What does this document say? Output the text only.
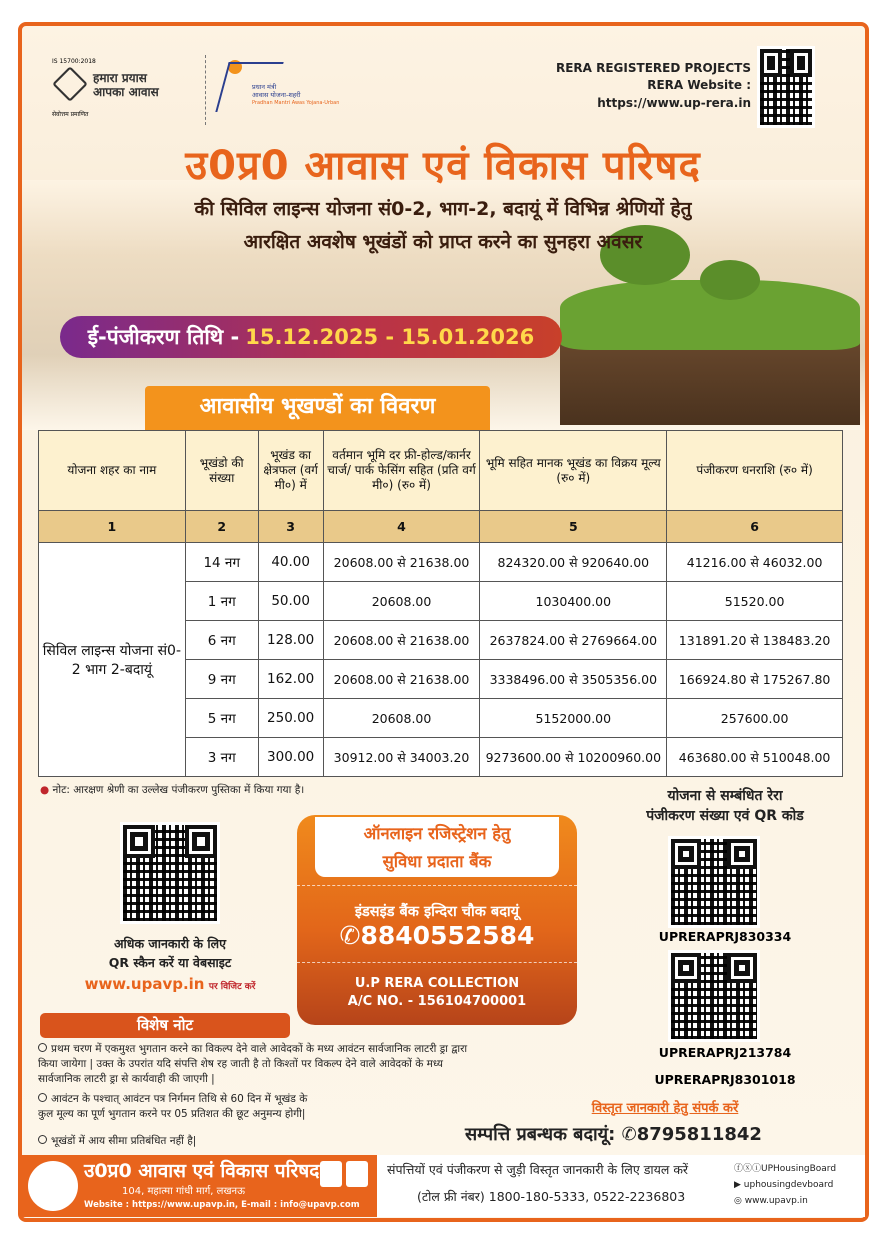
IS 15700:2018
हमारा प्रयास
आपका आवास
सेवोत्तम प्रमाणित
प्रधान मंत्री
आवास योजना-शहरी
Pradhan Mantri Awas Yojana-Urban
RERA REGISTERED PROJECTS
RERA Website :
https://www.up-rera.in
उ0प्र0 आवास एवं विकास परिषद
की सिविल लाइन्स योजना सं0-2, भाग-2, बदायूं में विभिन्न श्रेणियों हेतु
आरक्षित अवशेष भूखंडों को प्राप्त करने का सुनहरा अवसर
ई-पंजीकरण तिथि - 15.12.2025 - 15.01.2026
आवासीय भूखण्डों का विवरण
योजना शहर का नाम	भूखंडो की संख्या	भूखंड का क्षेत्रफल (वर्ग मी०) में	वर्तमान भूमि दर फ्री-होल्ड/कार्नर चार्ज/ पार्क फेसिंग सहित (प्रति वर्ग मी०) (रु० में)	भूमि सहित मानक भूखंड का विक्रय मूल्य (रु० में)	पंजीकरण धनराशि (रु० में)
1	2	3	4	5	6
सिविल लाइन्स योजना सं0-2 भाग 2-बदायूं	14 नग	40.00	20608.00 से 21638.00	824320.00 से 920640.00	41216.00 से 46032.00
	1 नग	50.00	20608.00	1030400.00	51520.00
	6 नग	128.00	20608.00 से 21638.00	2637824.00 से 2769664.00	131891.20 से 138483.20
	9 नग	162.00	20608.00 से 21638.00	3338496.00 से 3505356.00	166924.80 से 175267.80
	5 नग	250.00	20608.00	5152000.00	257600.00
	3 नग	300.00	30912.00 से 34003.20	9273600.00 से 10200960.00	463680.00 से 510048.00
● नोट: आरक्षण श्रेणी का उल्लेख पंजीकरण पुस्तिका में किया गया है।
अधिक जानकारी के लिए
QR स्कैन करें या वेबसाइट
www.upavp.in पर विजिट करें
ऑनलाइन रजिस्ट्रेशन हेतु
सुविधा प्रदाता बैंक
इंडसइंड बैंक इन्दिरा चौक बदायूं
✆8840552584
U.P RERA COLLECTION
A/C NO. - 156104700001
योजना से सम्बंधित रेरा
पंजीकरण संख्या एवं QR कोड
UPRERAPRJ830334
UPRERAPRJ213784
UPRERAPRJ8301018
विस्तृत जानकारी हेतु संपर्क करें
सम्पत्ति प्रबन्धक बदायूं: ✆8795811842
विशेष नोट
प्रथम चरण में एकमुश्त भुगतान करने का विकल्प देने वाले आवेदकों के मध्य आवंटन सार्वजानिक लाटरी ड्रा द्वारा किया जायेगा | उक्त के उपरांत यदि संपत्ति शेष रह जाती है तो किश्तों पर विकल्प देने वाले आवेदकों के मध्य सार्वजानिक लाटरी ड्रा से कार्यवाही की जाएगी |
आवंटन के पश्चात् आवंटन पत्र निर्गमन तिथि से 60 दिन में भूखंड के कुल मूल्य का पूर्ण भुगतान करने पर 05 प्रतिशत की छूट अनुमन्य होगी|
भूखंडों में आय सीमा प्रतिबंधित नहीं है|
उ0प्र0 आवास एवं विकास परिषद
104, महात्मा गांधी मार्ग, लखनऊ
Website : https://www.upavp.in, E-mail : info@upavp.com
संपत्तियों एवं पंजीकरण से जुड़ी विस्तृत जानकारी के लिए डायल करें
(टोल फ्री नंबर) 1800-180-5333, 0522-2236803
ⓕⓧⓘUPHousingBoard
▶ uphousingdevboard
◎ www.upavp.in
